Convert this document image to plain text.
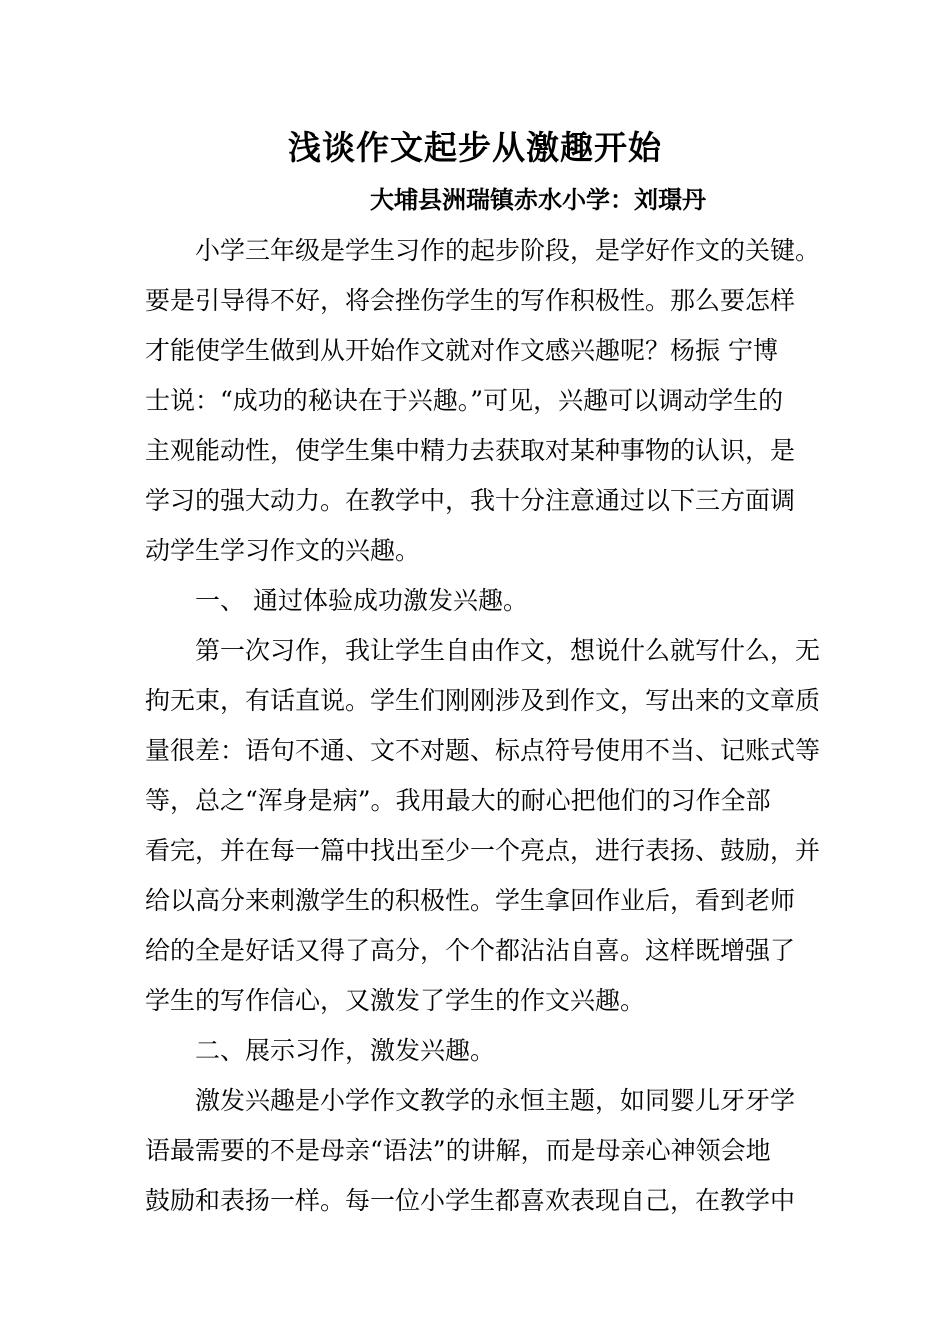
浅谈作文起步从激趣开始

大埔县洲瑞镇赤水小学：刘璟丹

小学三年级是学生习作的起步阶段，是学好作文的关键。
要是引导得不好，将会挫伤学生的写作积极性。那么要怎样
才能使学生做到从开始作文就对作文感兴趣呢？杨振 宁博
士说：“成功的秘诀在于兴趣。”可见，兴趣可以调动学生的
主观能动性，使学生集中精力去获取对某种事物的认识，是
学习的强大动力。在教学中，我十分注意通过以下三方面调
动学生学习作文的兴趣。
一、 通过体验成功激发兴趣。
第一次习作，我让学生自由作文，想说什么就写什么，无
拘无束，有话直说。学生们刚刚涉及到作文，写出来的文章质
量很差：语句不通、文不对题、标点符号使用不当、记账式等
等，总之“浑身是病”。我用最大的耐心把他们的习作全部
看完，并在每一篇中找出至少一个亮点，进行表扬、鼓励，并
给以高分来刺激学生的积极性。学生拿回作业后，看到老师
给的全是好话又得了高分，个个都沾沾自喜。这样既增强了
学生的写作信心，又激发了学生的作文兴趣。
二、展示习作，激发兴趣。
激发兴趣是小学作文教学的永恒主题，如同婴儿牙牙学
语最需要的不是母亲“语法”的讲解，而是母亲心神领会地
鼓励和表扬一样。每一位小学生都喜欢表现自己，在教学中
